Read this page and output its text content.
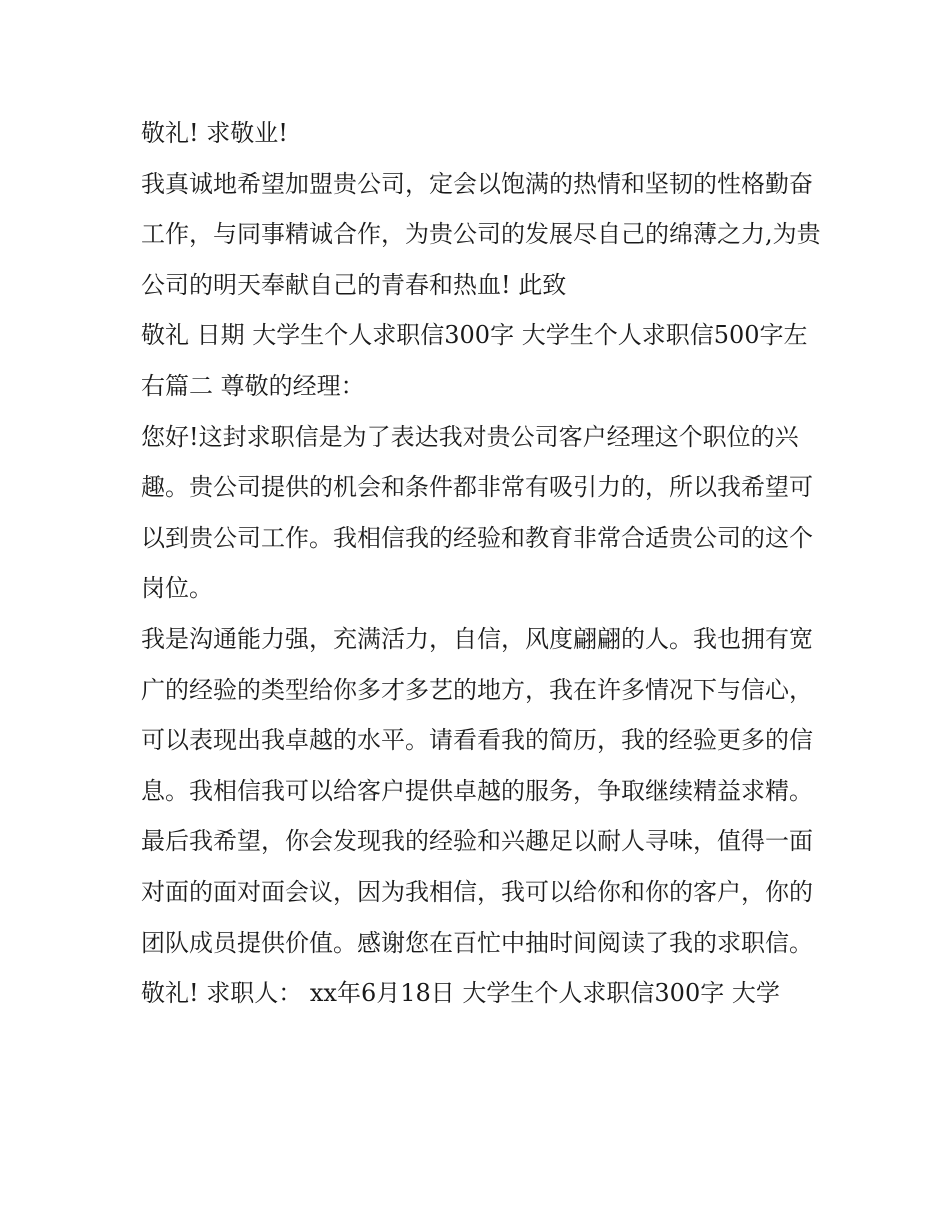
敬礼! 求敬业!

我真诚地希望加盟贵公司，定会以饱满的热情和坚韧的性格勤奋工作，与同事精诚合作，为贵公司的发展尽自己的绵薄之力,为贵公司的明天奉献自己的青春和热血! 此致

敬礼 日期 大学生个人求职信300字 大学生个人求职信500字左右篇二 尊敬的经理：

您好!这封求职信是为了表达我对贵公司客户经理这个职位的兴趣。贵公司提供的机会和条件都非常有吸引力的，所以我希望可以到贵公司工作。我相信我的经验和教育非常合适贵公司的这个岗位。

我是沟通能力强，充满活力，自信，风度翩翩的人。我也拥有宽广的经验的类型给你多才多艺的地方，我在许多情况下与信心，可以表现出我卓越的水平。请看看我的简历，我的经验更多的信息。我相信我可以给客户提供卓越的服务，争取继续精益求精。

最后我希望，你会发现我的经验和兴趣足以耐人寻味，值得一面对面的面对面会议，因为我相信，我可以给你和你的客户，你的团队成员提供价值。感谢您在百忙中抽时间阅读了我的求职信。

敬礼! 求职人： xx年6月18日 大学生个人求职信300字 大学
